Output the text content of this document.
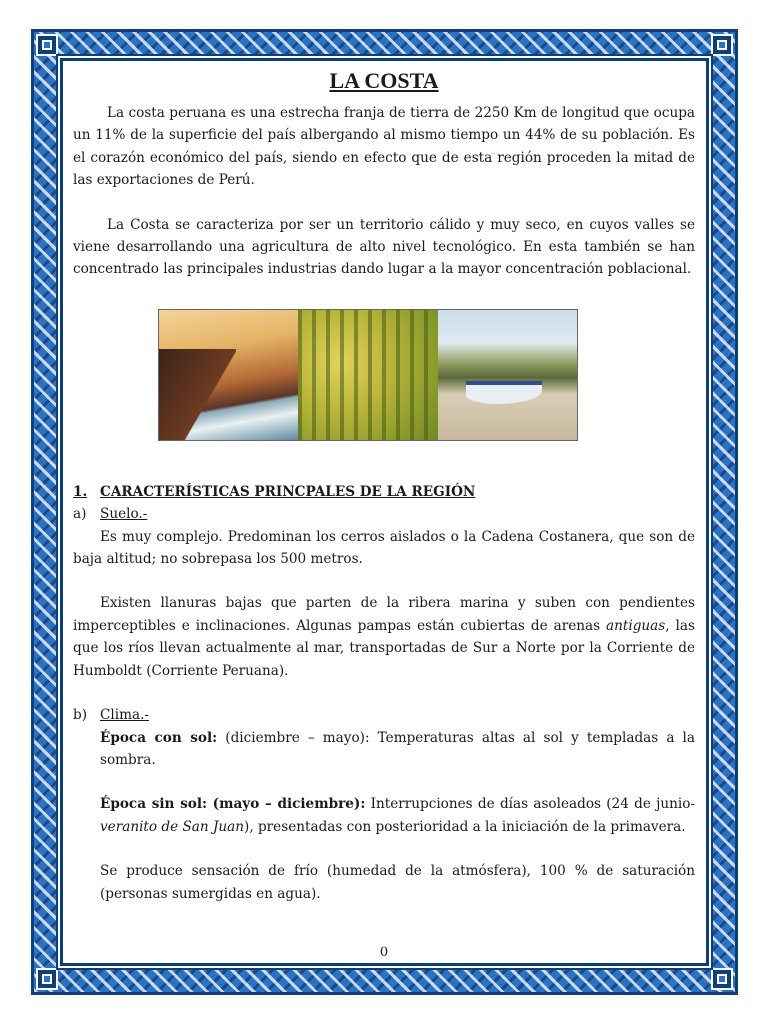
LA COSTA

La costa peruana es una estrecha franja de tierra de 2250 Km de longitud que ocupa un 11% de la superficie del país albergando al mismo tiempo un 44% de su población. Es el corazón económico del país, siendo en efecto que de esta región proceden la mitad de las exportaciones de Perú.

La Costa se caracteriza por ser un territorio cálido y muy seco, en cuyos valles se viene desarrollando una agricultura de alto nivel tecnológico. En esta también se han concentrado las principales industrias dando lugar a la mayor concentración poblacional.

1. CARACTERÍSTICAS PRINCPALES DE LA REGIÓN
a) Suelo.-

Es muy complejo. Predominan los cerros aislados o la Cadena Costanera, que son de baja altitud; no sobrepasa los 500 metros.

Existen llanuras bajas que parten de la ribera marina y suben con pendientes imperceptibles e inclinaciones. Algunas pampas están cubiertas de arenas antiguas, las que los ríos llevan actualmente al mar, transportadas de Sur a Norte por la Corriente de Humboldt (Corriente Peruana).

b) Clima.-

Época con sol: (diciembre – mayo): Temperaturas altas al sol y templadas a la sombra.

Época sin sol: (mayo – diciembre): Interrupciones de días asoleados (24 de junio-veranito de San Juan), presentadas con posterioridad a la iniciación de la primavera.

Se produce sensación de frío (humedad de la atmósfera), 100 % de saturación (personas sumergidas en agua).

0
